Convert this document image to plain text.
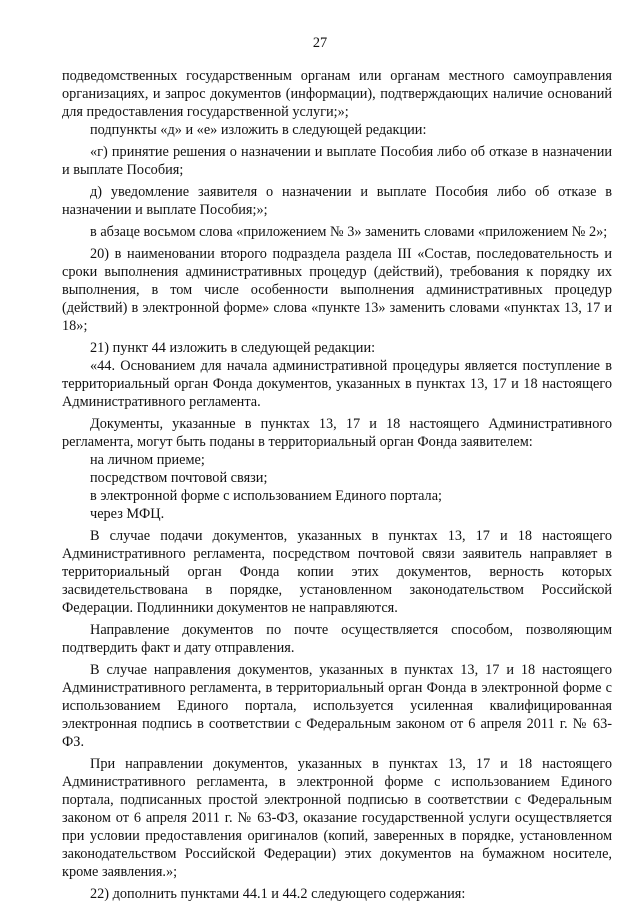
27

подведомственных государственным органам или органам местного самоуправления организациях, и запрос документов (информации), подтверждающих наличие оснований для предоставления государственной услуги;»;

подпункты «д» и «е» изложить в следующей редакции:

«г) принятие решения о назначении и выплате Пособия либо об отказе в назначении и выплате Пособия;

д) уведомление заявителя о назначении и выплате Пособия либо об отказе в назначении и выплате Пособия;»;

в абзаце восьмом слова «приложением № 3» заменить словами «приложением № 2»;

20) в наименовании второго подраздела раздела III «Состав, последовательность и сроки выполнения административных процедур (действий), требования к порядку их выполнения, в том числе особенности выполнения административных процедур (действий) в электронной форме» слова «пункте 13» заменить словами «пунктах 13, 17 и 18»;

21) пункт 44 изложить в следующей редакции:

«44. Основанием для начала административной процедуры является поступление в территориальный орган Фонда документов, указанных в пунктах 13, 17 и 18 настоящего Административного регламента.

Документы, указанные в пунктах 13, 17 и 18 настоящего Административного регламента, могут быть поданы в территориальный орган Фонда заявителем:

на личном приеме;

посредством почтовой связи;

в электронной форме с использованием Единого портала;

через МФЦ.

В случае подачи документов, указанных в пунктах 13, 17 и 18 настоящего Административного регламента, посредством почтовой связи заявитель направляет в территориальный орган Фонда копии этих документов, верность которых засвидетельствована в порядке, установленном законодательством Российской Федерации. Подлинники документов не направляются.

Направление документов по почте осуществляется способом, позволяющим подтвердить факт и дату отправления.

В случае направления документов, указанных в пунктах 13, 17 и 18 настоящего Административного регламента, в территориальный орган Фонда в электронной форме с использованием Единого портала, используется усиленная квалифицированная электронная подпись в соответствии с Федеральным законом от 6 апреля 2011 г. № 63-ФЗ.

При направлении документов, указанных в пунктах 13, 17 и 18 настоящего Административного регламента, в электронной форме с использованием Единого портала, подписанных простой электронной подписью в соответствии с Федеральным законом от 6 апреля 2011 г. № 63-ФЗ, оказание государственной услуги осуществляется при условии предоставления оригиналов (копий, заверенных в порядке, установленном законодательством Российской Федерации) этих документов на бумажном носителе, кроме заявления.»;

22) дополнить пунктами 44.1 и 44.2 следующего содержания:
